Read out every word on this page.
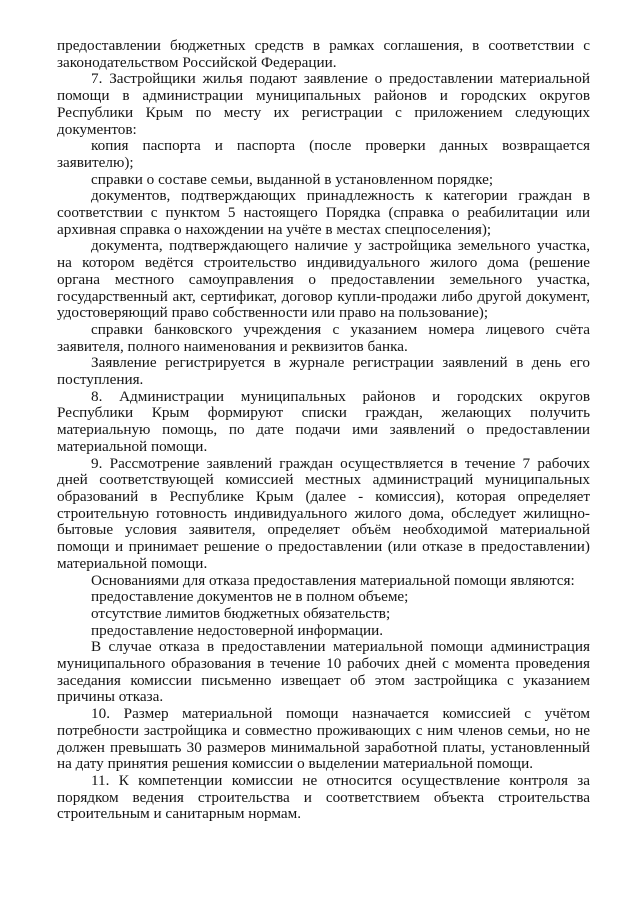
предоставлении бюджетных средств в рамках соглашения, в соответствии с законодательством Российской Федерации.

7. Застройщики жилья подают заявление о предоставлении материальной помощи в администрации муниципальных районов и городских округов Республики Крым по месту их регистрации с приложением следующих документов:

копия паспорта и паспорта (после проверки данных возвращается заявителю);

справки о составе семьи, выданной в установленном порядке;

документов, подтверждающих принадлежность к категории граждан в соответствии с пунктом 5 настоящего Порядка (справка о реабилитации или архивная справка о нахождении на учёте в местах спецпоселения);

документа, подтверждающего наличие у застройщика земельного участка, на котором ведётся строительство индивидуального жилого дома (решение органа местного самоуправления о предоставлении земельного участка, государственный акт, сертификат, договор купли-продажи либо другой документ, удостоверяющий право собственности или право на пользование);

справки банковского учреждения с указанием номера лицевого счёта заявителя, полного наименования и реквизитов банка.

Заявление регистрируется в журнале регистрации заявлений в день его поступления.

8. Администрации муниципальных районов и городских округов Республики Крым формируют списки граждан, желающих получить материальную помощь, по дате подачи ими заявлений о предоставлении материальной помощи.

9. Рассмотрение заявлений граждан осуществляется в течение 7 рабочих дней соответствующей комиссией местных администраций муниципальных образований в Республике Крым (далее - комиссия), которая определяет строительную готовность индивидуального жилого дома, обследует жилищно-бытовые условия заявителя, определяет объём необходимой материальной помощи и принимает решение о предоставлении (или отказе в предоставлении) материальной помощи.

Основаниями для отказа предоставления материальной помощи являются:

предоставление документов не в полном объеме;

отсутствие лимитов бюджетных обязательств;

предоставление недостоверной информации.

В случае отказа в предоставлении материальной помощи администрация муниципального образования в течение 10 рабочих дней с момента проведения заседания комиссии письменно извещает об этом застройщика с указанием причины отказа.

10. Размер материальной помощи назначается комиссией с учётом потребности застройщика и совместно проживающих с ним членов семьи, но не должен превышать 30 размеров минимальной заработной платы, установленный на дату принятия решения комиссии о выделении материальной помощи.

11. К компетенции комиссии не относится осуществление контроля за порядком ведения строительства и соответствием объекта строительства строительным и санитарным нормам.
